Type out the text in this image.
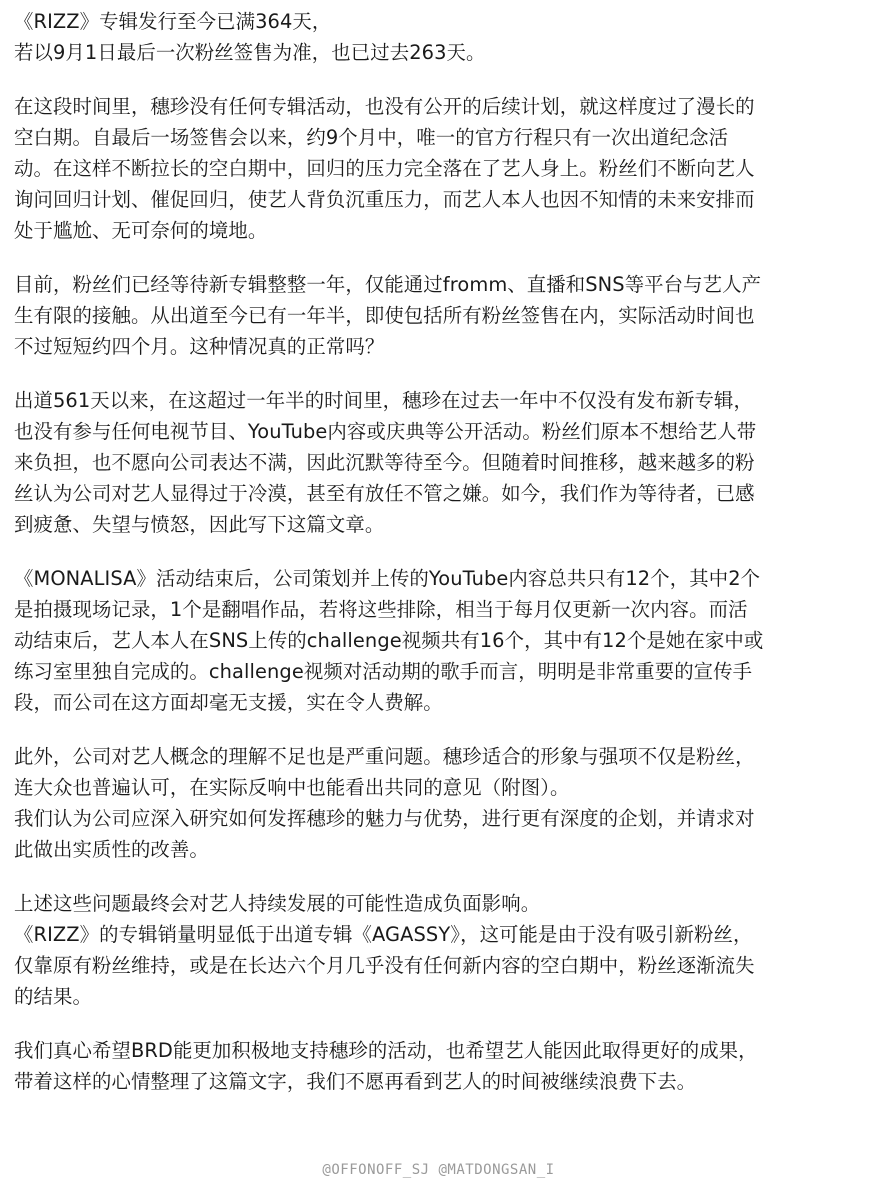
《RIZZ》专辑发行至今已满364天，
若以9月1日最后一次粉丝签售为准，也已过去263天。

在这段时间里，穗珍没有任何专辑活动，也没有公开的后续计划，就这样度过了漫长的
空白期。自最后一场签售会以来，约9个月中，唯一的官方行程只有一次出道纪念活
动。在这样不断拉长的空白期中，回归的压力完全落在了艺人身上。粉丝们不断向艺人
询问回归计划、催促回归，使艺人背负沉重压力，而艺人本人也因不知情的未来安排而
处于尴尬、无可奈何的境地。

目前，粉丝们已经等待新专辑整整一年，仅能通过fromm、直播和SNS等平台与艺人产
生有限的接触。从出道至今已有一年半，即使包括所有粉丝签售在内，实际活动时间也
不过短短约四个月。这种情况真的正常吗？

出道561天以来，在这超过一年半的时间里，穗珍在过去一年中不仅没有发布新专辑，
也没有参与任何电视节目、YouTube内容或庆典等公开活动。粉丝们原本不想给艺人带
来负担，也不愿向公司表达不满，因此沉默等待至今。但随着时间推移，越来越多的粉
丝认为公司对艺人显得过于冷漠，甚至有放任不管之嫌。如今，我们作为等待者，已感
到疲惫、失望与愤怒，因此写下这篇文章。

《MONALISA》活动结束后，公司策划并上传的YouTube内容总共只有12个，其中2个
是拍摄现场记录，1个是翻唱作品，若将这些排除，相当于每月仅更新一次内容。而活
动结束后，艺人本人在SNS上传的challenge视频共有16个，其中有12个是她在家中或
练习室里独自完成的。challenge视频对活动期的歌手而言，明明是非常重要的宣传手
段，而公司在这方面却毫无支援，实在令人费解。

此外，公司对艺人概念的理解不足也是严重问题。穗珍适合的形象与强项不仅是粉丝，
连大众也普遍认可，在实际反响中也能看出共同的意见（附图）。
我们认为公司应深入研究如何发挥穗珍的魅力与优势，进行更有深度的企划，并请求对
此做出实质性的改善。

上述这些问题最终会对艺人持续发展的可能性造成负面影响。
《RIZZ》的专辑销量明显低于出道专辑《AGASSY》，这可能是由于没有吸引新粉丝，
仅靠原有粉丝维持，或是在长达六个月几乎没有任何新内容的空白期中，粉丝逐渐流失
的结果。

我们真心希望BRD能更加积极地支持穗珍的活动，也希望艺人能因此取得更好的成果，
带着这样的心情整理了这篇文字，我们不愿再看到艺人的时间被继续浪费下去。

@OFFONOFF_SJ @MATDONGSAN_I
